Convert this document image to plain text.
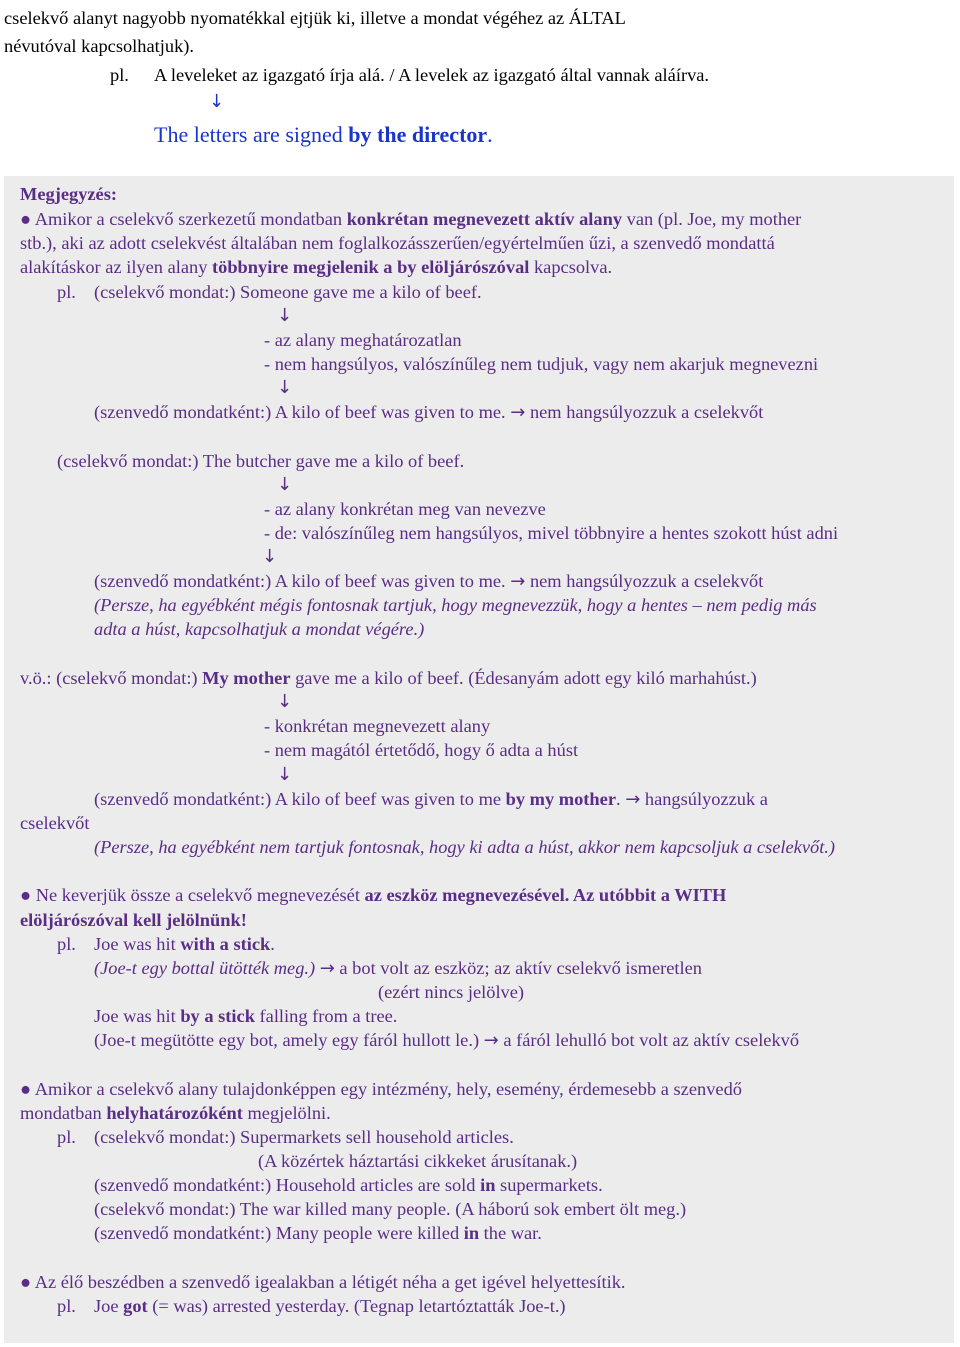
cselekvő alanyt nagyobb nyomatékkal ejtjük ki, illetve a mondat végéhez az ÁLTAL
névutóval kapcsolhatjuk).
pl. A leveleket az igazgató írja alá. / A levelek az igazgató által vannak aláírva.
↓
The letters are signed by the director.
Megjegyzés:
● Amikor a cselekvő szerkezetű mondatban konkrétan megnevezett aktív alany van (pl. Joe, my mother
stb.), aki az adott cselekvést általában nem foglalkozásszerűen/egyértelműen űzi, a szenvedő mondattá
alakításkor az ilyen alany többnyire megjelenik a by elöljárószóval kapcsolva.
pl. (cselekvő mondat:) Someone gave me a kilo of beef.
↓
- az alany meghatározatlan
- nem hangsúlyos, valószínűleg nem tudjuk, vagy nem akarjuk megnevezni
↓
(szenvedő mondatként:) A kilo of beef was given to me. → nem hangsúlyozzuk a cselekvőt
(cselekvő mondat:) The butcher gave me a kilo of beef.
↓
- az alany konkrétan meg van nevezve
- de: valószínűleg nem hangsúlyos, mivel többnyire a hentes szokott húst adni
↓
(szenvedő mondatként:) A kilo of beef was given to me. → nem hangsúlyozzuk a cselekvőt
(Persze, ha egyébként mégis fontosnak tartjuk, hogy megnevezzük, hogy a hentes – nem pedig más
adta a húst, kapcsolhatjuk a mondat végére.)
v.ö.: (cselekvő mondat:) My mother gave me a kilo of beef. (Édesanyám adott egy kiló marhahúst.)
↓
- konkrétan megnevezett alany
- nem magától értetődő, hogy ő adta a húst
↓
(szenvedő mondatként:) A kilo of beef was given to me by my mother. → hangsúlyozzuk a
cselekvőt
(Persze, ha egyébként nem tartjuk fontosnak, hogy ki adta a húst, akkor nem kapcsoljuk a cselekvőt.)
● Ne keverjük össze a cselekvő megnevezését az eszköz megnevezésével. Az utóbbit a WITH
elöljárószóval kell jelölnünk!
pl. Joe was hit with a stick.
(Joe-t egy bottal ütötték meg.) → a bot volt az eszköz; az aktív cselekvő ismeretlen
(ezért nincs jelölve)
Joe was hit by a stick falling from a tree.
(Joe-t megütötte egy bot, amely egy fáról hullott le.) → a fáról lehulló bot volt az aktív cselekvő
● Amikor a cselekvő alany tulajdonképpen egy intézmény, hely, esemény, érdemesebb a szenvedő
mondatban helyhatározóként megjelölni.
pl. (cselekvő mondat:) Supermarkets sell household articles.
(A közértek háztartási cikkeket árusítanak.)
(szenvedő mondatként:) Household articles are sold in supermarkets.
(cselekvő mondat:) The war killed many people. (A háború sok embert ölt meg.)
(szenvedő mondatként:) Many people were killed in the war.
● Az élő beszédben a szenvedő igealakban a létigét néha a get igével helyettesítik.
pl. Joe got (= was) arrested yesterday. (Tegnap letartóztatták Joe-t.)
